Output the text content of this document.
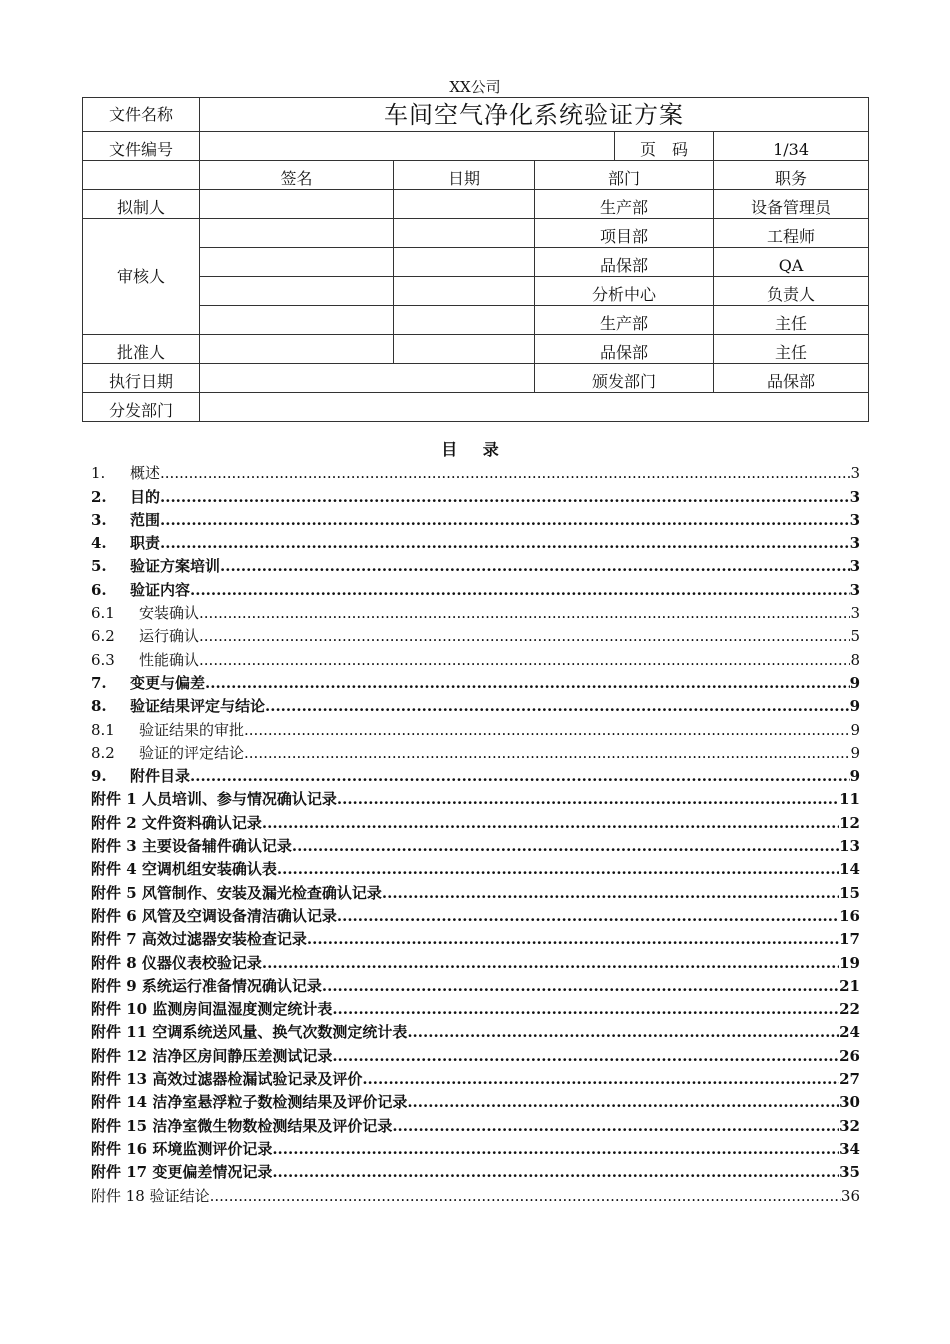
XX公司
文件名称	车间空气净化系统验证方案				
文件编号				页　码	1/34
	签名	日期	部门		职务
拟制人			生产部		设备管理员
审核人			项目部		工程师
			品保部		QA
			分析中心		负责人
			生产部		主任
批准人			品保部		主任
执行日期			颁发部门		品保部
分发部门					
目 录
1.	概述 .....	3
2.	目的 .....	3
3.	范围 .....	3
4.	职责 .....	3
5.	验证方案培训 .....	3
6.	验证内容 .....	3
6.1	安装确认 .....	3
6.2	运行确认 .....	5
6.3	性能确认 .....	8
7.	变更与偏差 .....	9
8.	验证结果评定与结论 .....	9
8.1	验证结果的审批 .....	9
8.2	验证的评定结论 .....	9
9.	附件目录 .....	9
附件 1 人员培训、参与情况确认记录 .....	11
附件 2 文件资料确认记录 .....	12
附件 3 主要设备辅件确认记录 .....	13
附件 4 空调机组安装确认表 .....	14
附件 5 风管制作、安装及漏光检查确认记录 .....	15
附件 6 风管及空调设备清洁确认记录 .....	16
附件 7 高效过滤器安装检查记录 .....	17
附件 8 仪器仪表校验记录 .....	19
附件 9 系统运行准备情况确认记录 .....	21
附件 10 监测房间温湿度测定统计表 .....	22
附件 11 空调系统送风量、换气次数测定统计表 .....	24
附件 12 洁净区房间静压差测试记录 .....	26
附件 13 高效过滤器检漏试验记录及评价 .....	27
附件 14 洁净室悬浮粒子数检测结果及评价记录 .....	30
附件 15 洁净室微生物数检测结果及评价记录 .....	32
附件 16 环境监测评价记录 .....	34
附件 17 变更偏差情况记录 .....	35
附件 18 验证结论 .....	36
